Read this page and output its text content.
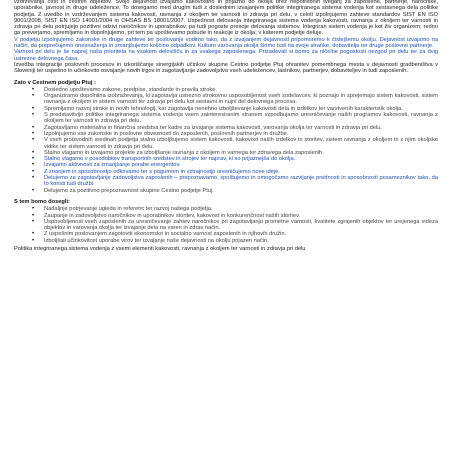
vzdrževanja cest in cestnih objektov. Svojo dejavnost izvajamo kakovostno in prijazno do okolja brez nepotrebnih tveganj za zaposlene, partnerje, naročnike, uporabnike, javnost in druge udeležence. To dosegamo med drugim tudi z doslednim izvajanjem politike integriranega sistema vodenja kot sestavnega dela politike podjetja. Z uvedbo in vzdrževanjem sistema kakovosti, ravnanja z okoljem ter varnosti in zdravja pri delu, v celoti izpolnjujemo zahteve standardov SIST EN ISO 9001/2008, SIST EN ISO 14001/2004 in OHSAS BS 18001/2007. Uspešnost delovanja integriranega sistema vodenja kakovosti, ravnanja z okoljem ter varnosti in zdravja pri delu potrjujejo pozitivni odzivi naročnikov in uporabnikov, pa tudi pogoste presoje delovanja sistemov. Integriran sistem vodenja je kot živ organizem; redno ga preverjamo, spremljamo in dopolnjujemo, pri tem pa upoštevamo pobude in reakcije iz okolja, v katerem podjetje deluje.

V podjetju izpolnjujemo zakonske in druge zahteve ter poslovanje vodimo tako, da z izvajanjem dejavnosti pripomoremo k čistejšemu okolju. Dejavnost izvajamo na način, da preprečujemo onesnaženja in zmanjšujemo količino odpadkov. Kulturo varovanja okolja širimo tudi na svoje stranke, dobavitelje ter druge poslovne partnerje.

Varnost pri delu je še naprej naša prioriteta na vsakem delovišču in za vsakega zaposlenega. Prizadevali si bomo za ničelne pogostosti nezgod pri delu ter za dvig ustrezne delovnega časa.

Izvedba integracije poslovnih procesov in izkoriščanje sinergijskih učinkov skupine Cestno podjetje Ptuj ohranitev pomembnega mesta v dejavnosti gradbeništva v Sloveniji ter uspešno in učinkovito osvajanje novih trgov in zagotavljanje zadovoljstva vseh udeležencev, lastnikov, partnerjev, dobaviteljev in tudi zaposlenih.

Zato v Cestnem podjetju Ptuj :

• Dosledno upoštevamo zakone, predpise, standarde in pravila stroke.
• Organiziramo dopolnilna izobraževanja, ki zagotavlja ustrezno strokovno usposobljenost vseh sodelavcev, ki poznajo in sprejemajo sistem kakovosti, sistem ravnanja z okoljem in sistem varnosti ter zdravja pri delu kot sestavni in nujni del delovnega procesa.
• Spremljamo razvoj stroke in novih tehnologij, kar zagotavlja nenehno izboljševanje kakovosti dela in izdelkov ter varstvenih karakteristik okolja.
• S predstavitvijo politike integriranega sistema vodenja vsem zainteresiranim stranem vzpodbujamo uresničevanje naših programov kakovosti, ravnanja z okoljem ter varnosti in zdravja pri delu.
• Zagotavljamo materialna in finančna sredstva ter kadre za izvajanje sistema kakovosti, varovanja okolja ter varnosti in zdravja pri delu.
• Izpolnjujemo vse zakonske in poslovne obveznosti do zaposlenih, poslovnih partnerjev in družbe.
• V vseh proizvodnih sredinah podjetja stalno izboljšujemo sistem kakovosti, kakovost naših izdelkov in storitev, sistem ravnanja z okoljem in z njim okoljske vidike ter sistem varnosti in zdravja pri delu.
• Stalno vlagamo in izvajamo projekte za izboljšanje ravnanja z okoljem in varnega ter zdravega dela zaposlenih.
• Stalno vlagamo v posodobitev transportnih sredstev in strojev ter naprav, ki so prijaznejša do okolja.
• Izvajamo aktivnosti za zmanjšanje porabe energentov.
• Z znanjem in sposobnostjo odkrivamo ter s pogumom in vztrajnostjo uresničujemo nove ideje.
• Delujemo za zagotavljanje zadovoljstva zaposlenih – prepoznavamo, spoštujemo in omogočamo razvijanje prednosti in sposobnosti posameznikov tako, da to koristi tudi družbi.
• Delujemo za pozitivno prepoznavnost skupine Cestno podjetje Ptuj.

S tem bomo dosegli:

• Nadaljnje potrjevanje ugleda in referenc ter razvoj našega podjetja.
• Zaupanje in zadovoljstvo naročnikov in uporabnikov storitev, kakovost in konkurenčnost naših storitev.
• Usposobljenost vseh zaposlenih za uresničevanje zahtev naročnikov pri zagotavljanju prometne varnosti, kvalitete zgrajenih objektov ter urejenega videza objektov in varovanja okolja ter izvajanje dela na varen in zdrav način.
• Z uspešnim poslovanjem zagotoviti ekonomsko in socialno varnost zaposlenih in njihovih družin.
• Izboljšali učinkovitost uporabe virov ter izvajanje naše dejavnosti na okolju prijazen način.

Politika integriranega sistema vodenja z vsemi elementi kakovosti, ravnanja z okoljem ter varnosti in zdravja pri delu
